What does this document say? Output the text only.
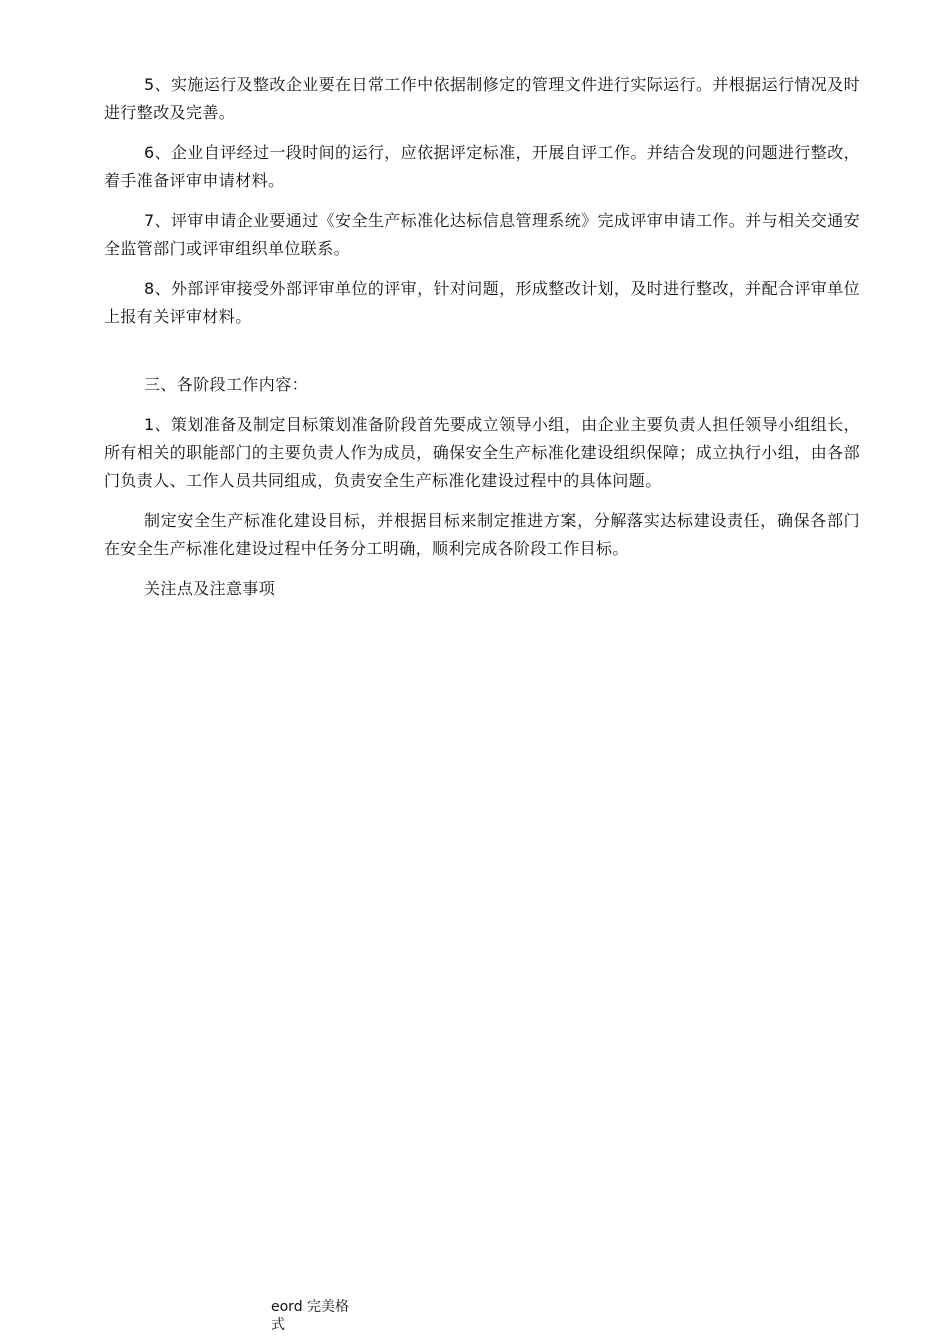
5、实施运行及整改企业要在日常工作中依据制修定的管理文件进行实际运行。并根据运行情况及时进行整改及完善。

6、企业自评经过一段时间的运行，应依据评定标准，开展自评工作。并结合发现的问题进行整改，着手准备评审申请材料。

7、评审申请企业要通过《安全生产标准化达标信息管理系统》完成评审申请工作。并与相关交通安全监管部门或评审组织单位联系。

8、外部评审接受外部评审单位的评审，针对问题，形成整改计划，及时进行整改，并配合评审单位上报有关评审材料。

三、各阶段工作内容：

1、策划准备及制定目标策划准备阶段首先要成立领导小组，由企业主要负责人担任领导小组组长，所有相关的职能部门的主要负责人作为成员，确保安全生产标准化建设组织保障；成立执行小组，由各部门负责人、工作人员共同组成，负责安全生产标准化建设过程中的具体问题。

制定安全生产标准化建设目标，并根据目标来制定推进方案，分解落实达标建设责任，确保各部门在安全生产标准化建设过程中任务分工明确，顺利完成各阶段工作目标。

关注点及注意事项

eord 完美格式
